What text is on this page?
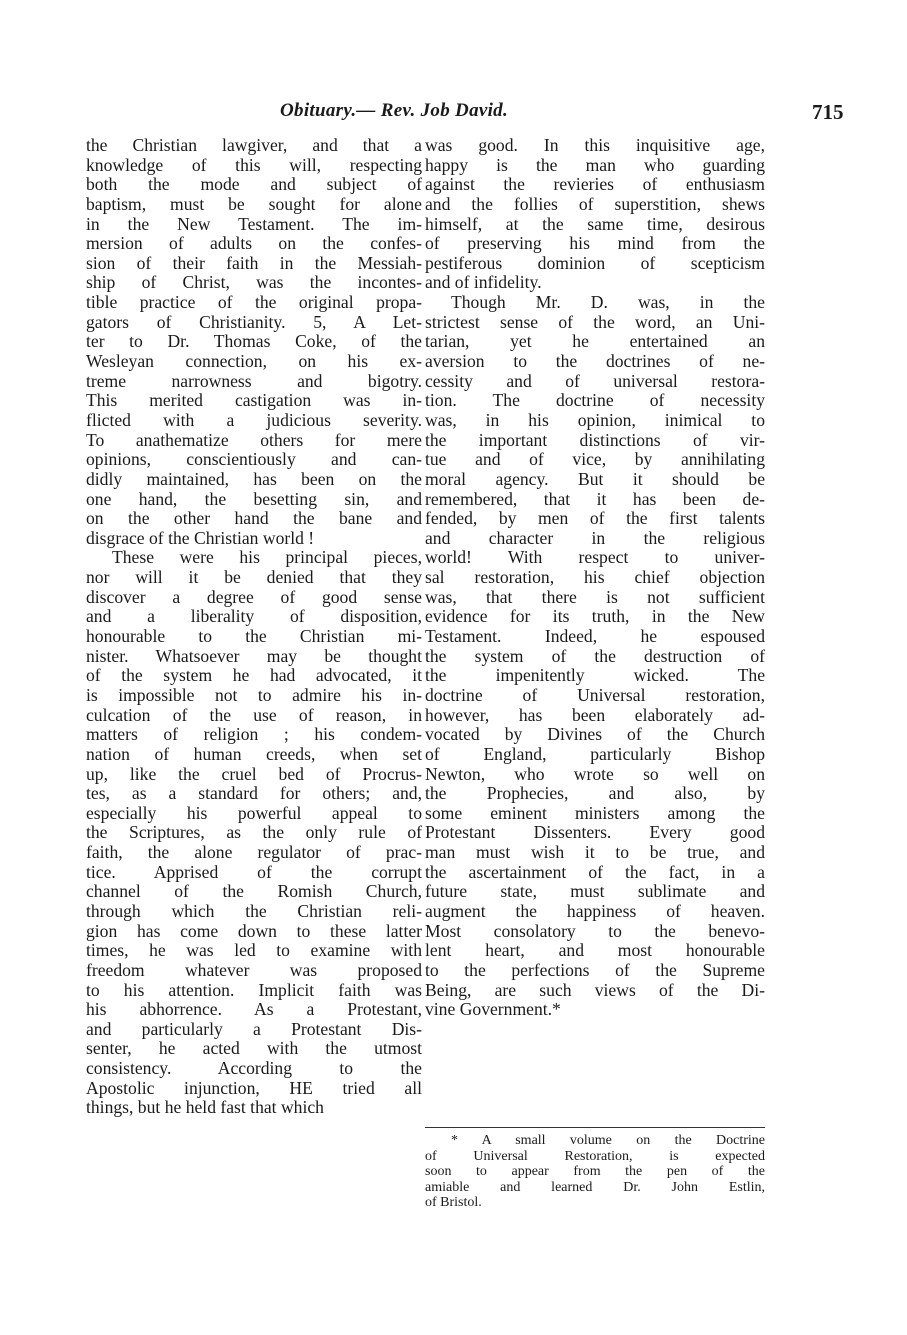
Obituary.— Rev. Job David.	715
the Christian lawgiver, and that a
knowledge of this will, respecting
both the mode and subject of
baptism, must be sought for alone
in the New Testament. The im-
mersion of adults on the confes-
sion of their faith in the Messiah-
ship of Christ, was the incontes-
tible practice of the original propa-
gators of Christianity. 5, A Let-
ter to Dr. Thomas Coke, of the
Wesleyan connection, on his ex-
treme narrowness and bigotry.
This merited castigation was in-
flicted with a judicious severity.
To anathematize others for mere
opinions, conscientiously and can-
didly maintained, has been on the
one hand, the besetting sin, and
on the other hand the bane and
disgrace of the Christian world !
These were his principal pieces,
nor will it be denied that they
discover a degree of good sense
and a liberality of disposition,
honourable to the Christian mi-
nister. Whatsoever may be thought
of the system he had advocated, it
is impossible not to admire his in-
culcation of the use of reason, in
matters of religion ; his condem-
nation of human creeds, when set
up, like the cruel bed of Procrus-
tes, as a standard for others; and,
especially his powerful appeal to
the Scriptures, as the only rule of
faith, the alone regulator of prac-
tice. Apprised of the corrupt
channel of the Romish Church,
through which the Christian reli-
gion has come down to these latter
times, he was led to examine with
freedom whatever was proposed
to his attention. Implicit faith was
his abhorrence. As a Protestant,
and particularly a Protestant Dis-
senter, he acted with the utmost
consistency. According to the
Apostolic injunction, HE tried all
things, but he held fast that which
was good. In this inquisitive age,
happy is the man who guarding
against the revieries of enthusiasm
and the follies of superstition, shews
himself, at the same time, desirous
of preserving his mind from the
pestiferous dominion of scepticism
and of infidelity.
Though Mr. D. was, in the
strictest sense of the word, an Uni-
tarian, yet he entertained an
aversion to the doctrines of ne-
cessity and of universal restora-
tion. The doctrine of necessity
was, in his opinion, inimical to
the important distinctions of vir-
tue and of vice, by annihilating
moral agency. But it should be
remembered, that it has been de-
fended, by men of the first talents
and character in the religious
world! With respect to univer-
sal restoration, his chief objection
was, that there is not sufficient
evidence for its truth, in the New
Testament. Indeed, he espoused
the system of the destruction of
the impenitently wicked. The
doctrine of Universal restoration,
however, has been elaborately ad-
vocated by Divines of the Church
of England, particularly Bishop
Newton, who wrote so well on
the Prophecies, and also, by
some eminent ministers among the
Protestant Dissenters. Every good
man must wish it to be true, and
the ascertainment of the fact, in a
future state, must sublimate and
augment the happiness of heaven.
Most consolatory to the benevo-
lent heart, and most honourable
to the perfections of the Supreme
Being, are such views of the Di-
vine Government.*
* A small volume on the Doctrine
of Universal Restoration, is expected
soon to appear from the pen of the
amiable and learned Dr. John Estlin,
of Bristol.
